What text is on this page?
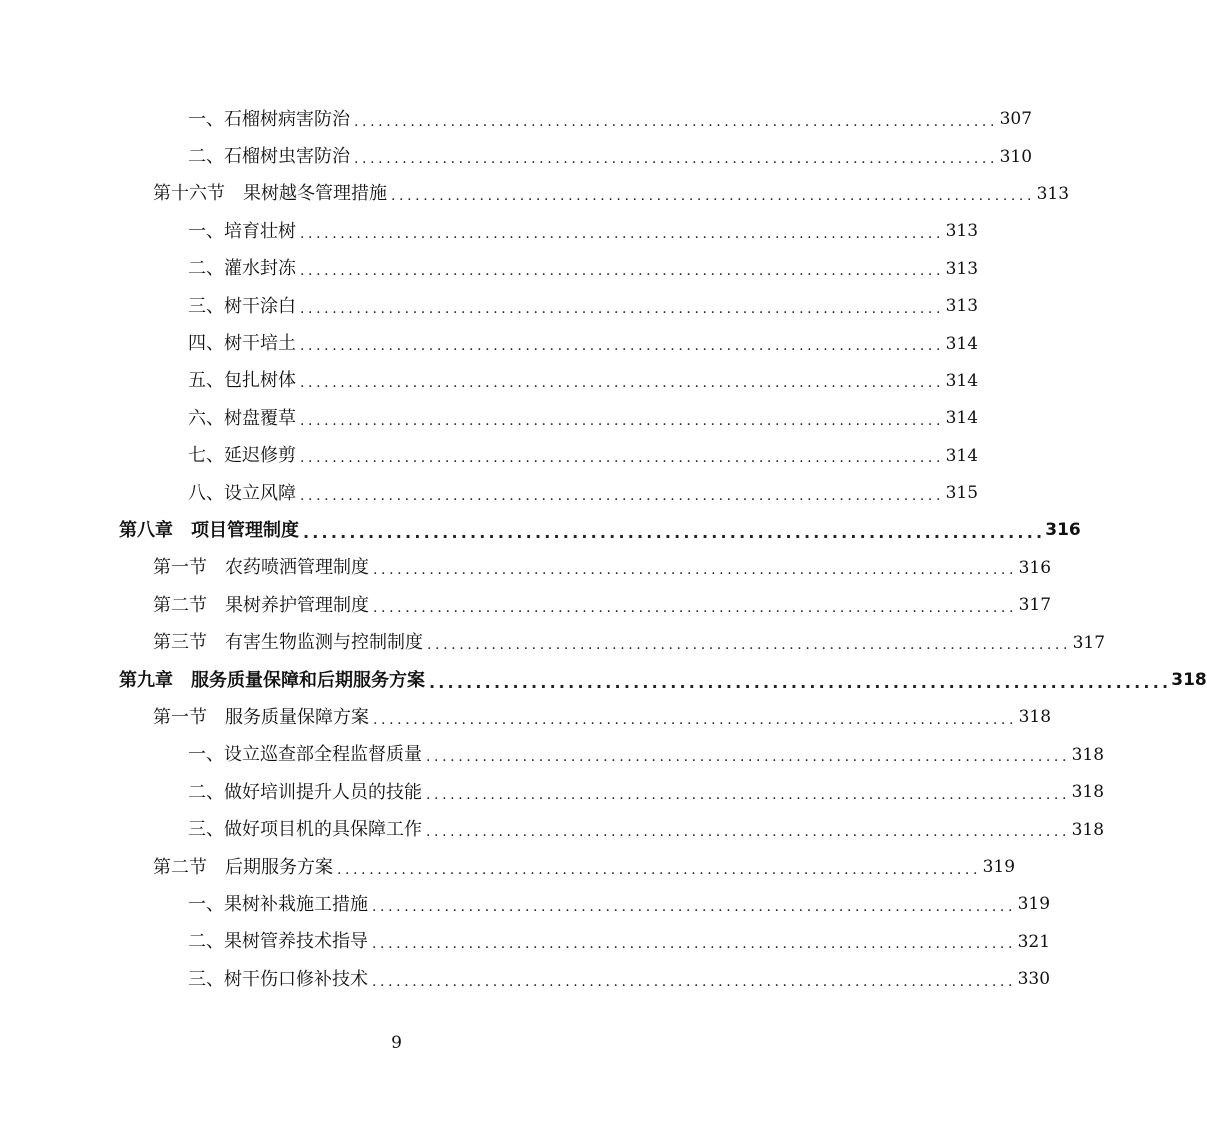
一、石榴树病害防治 ................................................................................ 307
二、石榴树虫害防治 ................................................................................ 310
第十六节　果树越冬管理措施 ................................................................................ 313
一、培育壮树 ................................................................................ 313
二、灌水封冻 ................................................................................ 313
三、树干涂白 ................................................................................ 313
四、树干培土 ................................................................................ 314
五、包扎树体 ................................................................................ 314
六、树盘覆草 ................................................................................ 314
七、延迟修剪 ................................................................................ 314
八、设立风障 ................................................................................ 315
第八章　项目管理制度 ................................................................................ 316
第一节　农药喷洒管理制度 ................................................................................ 316
第二节　果树养护管理制度 ................................................................................ 317
第三节　有害生物监测与控制制度 ................................................................................ 317
第九章　服务质量保障和后期服务方案 ................................................................................ 318
第一节　服务质量保障方案 ................................................................................ 318
一、设立巡查部全程监督质量 ................................................................................ 318
二、做好培训提升人员的技能 ................................................................................ 318
三、做好项目机的具保障工作 ................................................................................ 318
第二节　后期服务方案 ................................................................................ 319
一、果树补栽施工措施 ................................................................................ 319
二、果树管养技术指导 ................................................................................ 321
三、树干伤口修补技术 ................................................................................ 330
9
